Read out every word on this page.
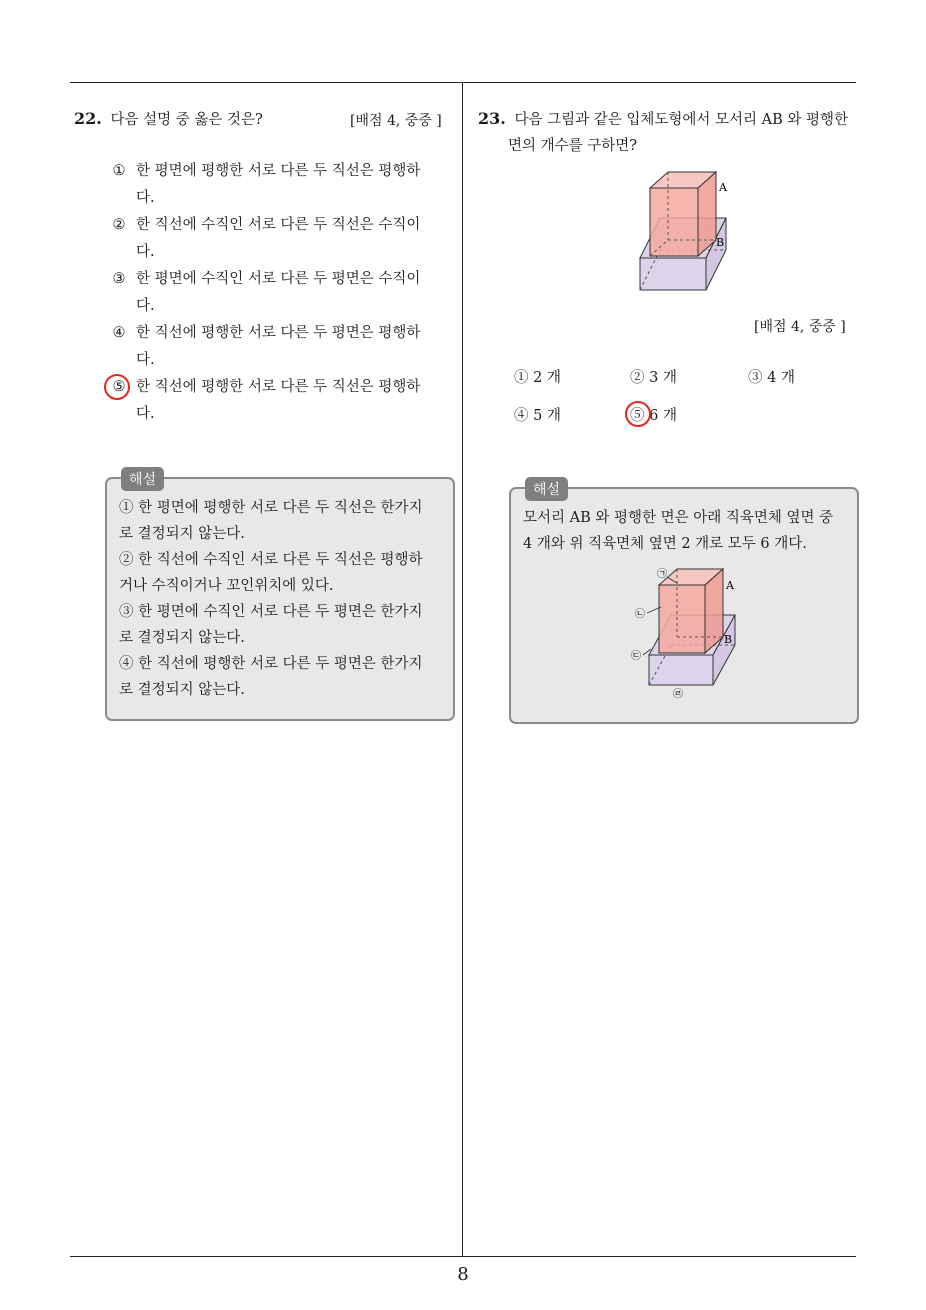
22. 다음 설명 중 옳은 것은?	[배점 4, 중중 ]
① 한 평면에 평행한 서로 다른 두 직선은 평행하
다.
② 한 직선에 수직인 서로 다른 두 직선은 수직이
다.
③ 한 평면에 수직인 서로 다른 두 평면은 수직이
다.
④ 한 직선에 평행한 서로 다른 두 평면은 평행하
다.
⑤ 한 직선에 평행한 서로 다른 두 직선은 평행하
다.
해설
① 한 평면에 평행한 서로 다른 두 직선은 한가지
로 결정되지 않는다.
② 한 직선에 수직인 서로 다른 두 직선은 평행하
거나 수직이거나 꼬인위치에 있다.
③ 한 평면에 수직인 서로 다른 두 평면은 한가지
로 결정되지 않는다.
④ 한 직선에 평행한 서로 다른 두 평면은 한가지
로 결정되지 않는다.
23. 다음 그림과 같은 입체도형에서 모서리 AB 와 평행한
면의 개수를 구하면?
A
B
[배점 4, 중중 ]
① 2 개	② 3 개	③ 4 개
④ 5 개	⑤ 6 개
해설
모서리 AB 와 평행한 면은 아래 직육면체 옆면 중
4 개와 위 직육면체 옆면 2 개로 모두 6 개다.
A
B
㉠
㉡
㉢
㉣
8
